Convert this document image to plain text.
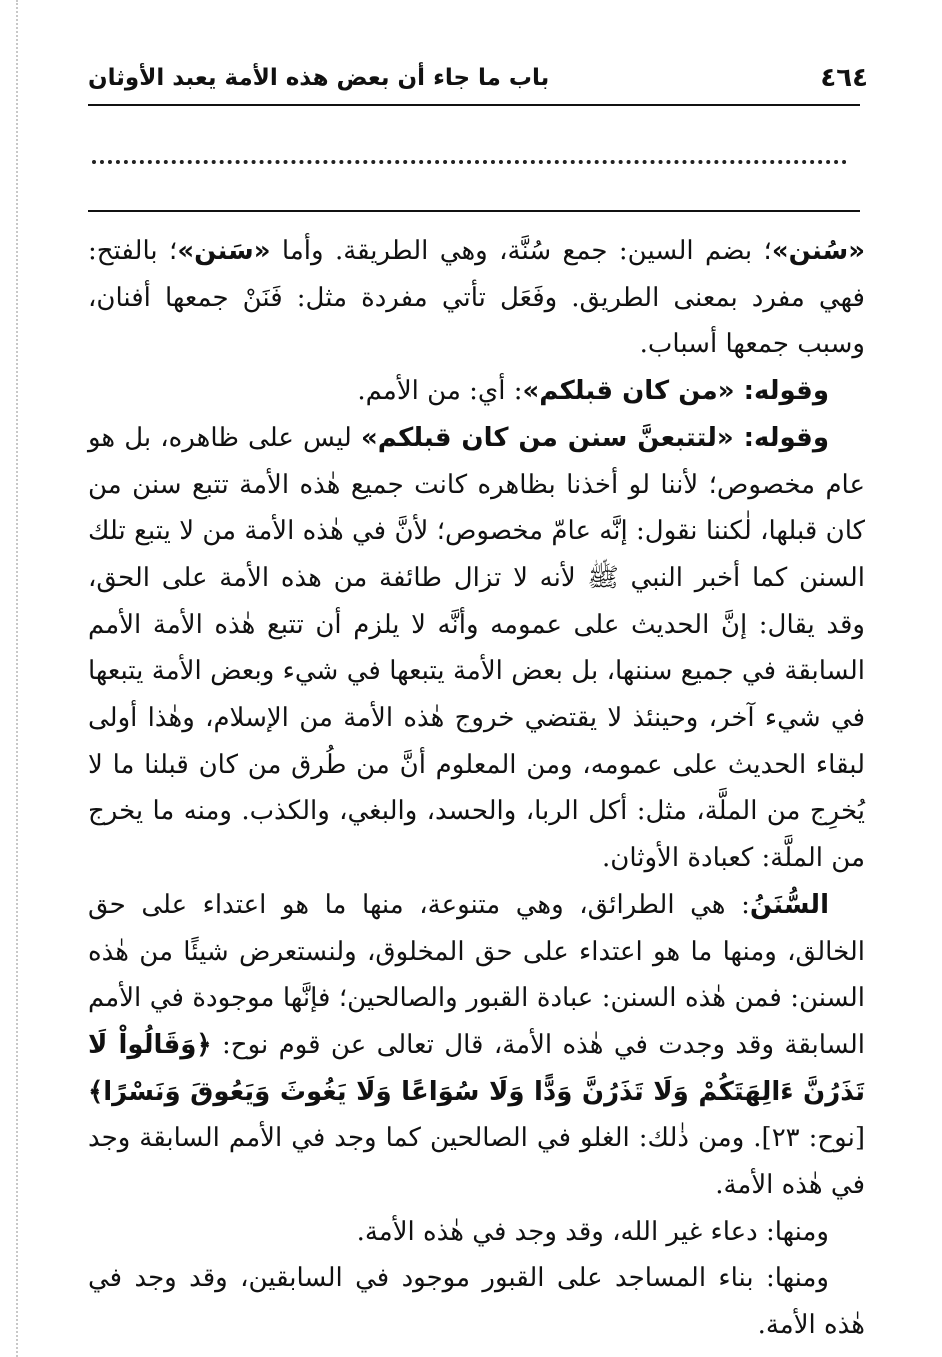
٤٦٤
باب ما جاء أن بعض هذه الأمة يعبد الأوثان

«سُنن»؛ بضم السين: جمع سُنَّة، وهي الطريقة. وأما «سَنن»؛ بالفتح: فهي مفرد بمعنى الطريق. وفَعَل تأتي مفردة مثل: فَنَنْ جمعها أفنان، وسبب جمعها أسباب.

وقوله: «من كان قبلكم»: أي: من الأمم.

وقوله: «لتتبعنَّ سنن من كان قبلكم» ليس على ظاهره، بل هو عام مخصوص؛ لأننا لو أخذنا بظاهره كانت جميع هٰذه الأمة تتبع سنن من كان قبلها، لٰكننا نقول: إنَّه عامّ مخصوص؛ لأنَّ في هٰذه الأمة من لا يتبع تلك السنن كما أخبر النبي ﷺ لأنه لا تزال طائفة من هذه الأمة على الحق، وقد يقال: إنَّ الحديث على عمومه وأنَّه لا يلزم أن تتبع هٰذه الأمة الأمم السابقة في جميع سننها، بل بعض الأمة يتبعها في شيء وبعض الأمة يتبعها في شيء آخر، وحينئذ لا يقتضي خروج هٰذه الأمة من الإسلام، وهٰذا أولى لبقاء الحديث على عمومه، ومن المعلوم أنَّ من طُرق من كان قبلنا ما لا يُخرِج من الملَّة، مثل: أكل الربا، والحسد، والبغي، والكذب. ومنه ما يخرج من الملَّة: كعبادة الأوثان.

السُّنَنُ: هي الطرائق، وهي متنوعة، منها ما هو اعتداء على حق الخالق، ومنها ما هو اعتداء على حق المخلوق، ولنستعرض شيئًا من هٰذه السنن: فمن هٰذه السنن: عبادة القبور والصالحين؛ فإنَّها موجودة في الأمم السابقة وقد وجدت في هٰذه الأمة، قال تعالى عن قوم نوح: ﴿وَقَالُواْ لَا تَذَرُنَّ ءَالِهَتَكُمْ وَلَا تَذَرُنَّ وَدًّا وَلَا سُوَاعًا وَلَا يَغُوثَ وَيَعُوقَ وَنَسْرًا﴾ [نوح: ٢٣]. ومن ذٰلك: الغلو في الصالحين كما وجد في الأمم السابقة وجد في هٰذه الأمة.

ومنها: دعاء غير الله، وقد وجد في هٰذه الأمة.

ومنها: بناء المساجد على القبور موجود في السابقين، وقد وجد في هٰذه الأمة.
